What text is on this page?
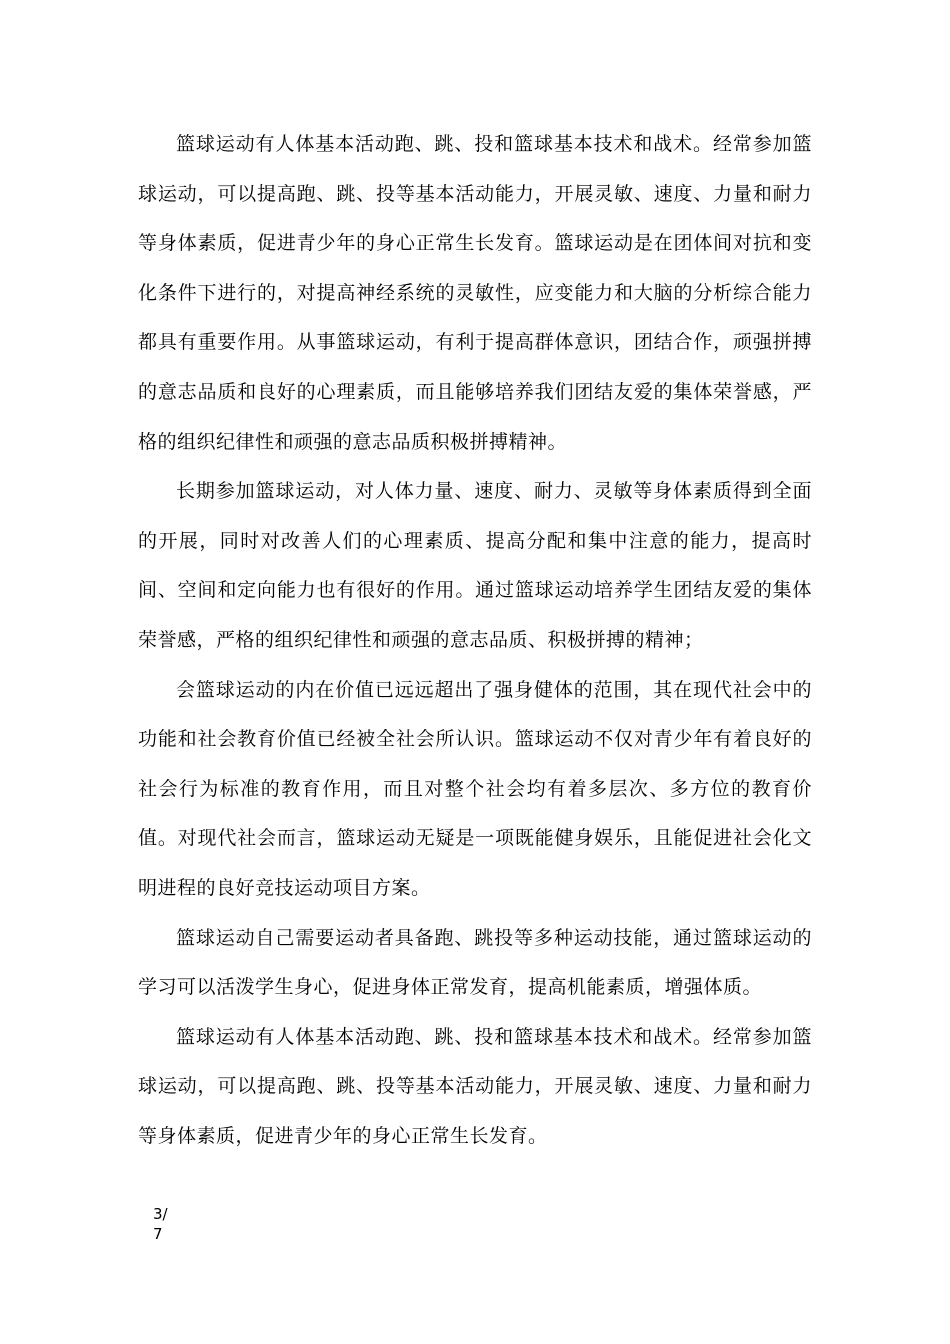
篮球运动有人体基本活动跑、跳、投和篮球基本技术和战术。经常参加篮球运动，可以提高跑、跳、投等基本活动能力，开展灵敏、速度、力量和耐力等身体素质，促进青少年的身心正常生长发育。篮球运动是在团体间对抗和变化条件下进行的，对提高神经系统的灵敏性，应变能力和大脑的分析综合能力都具有重要作用。从事篮球运动，有利于提高群体意识，团结合作，顽强拼搏的意志品质和良好的心理素质，而且能够培养我们团结友爱的集体荣誉感，严格的组织纪律性和顽强的意志品质积极拼搏精神。

长期参加篮球运动，对人体力量、速度、耐力、灵敏等身体素质得到全面的开展，同时对改善人们的心理素质、提高分配和集中注意的能力，提高时间、空间和定向能力也有很好的作用。通过篮球运动培养学生团结友爱的集体荣誉感，严格的组织纪律性和顽强的意志品质、积极拼搏的精神；

会篮球运动的内在价值已远远超出了强身健体的范围，其在现代社会中的功能和社会教育价值已经被全社会所认识。篮球运动不仅对青少年有着良好的社会行为标准的教育作用，而且对整个社会均有着多层次、多方位的教育价值。对现代社会而言，篮球运动无疑是一项既能健身娱乐，且能促进社会化文明进程的良好竞技运动项目方案。

篮球运动自己需要运动者具备跑、跳投等多种运动技能，通过篮球运动的学习可以活泼学生身心，促进身体正常发育，提高机能素质，增强体质。

篮球运动有人体基本活动跑、跳、投和篮球基本技术和战术。经常参加篮球运动，可以提高跑、跳、投等基本活动能力，开展灵敏、速度、力量和耐力等身体素质，促进青少年的身心正常生长发育。

3/
7
